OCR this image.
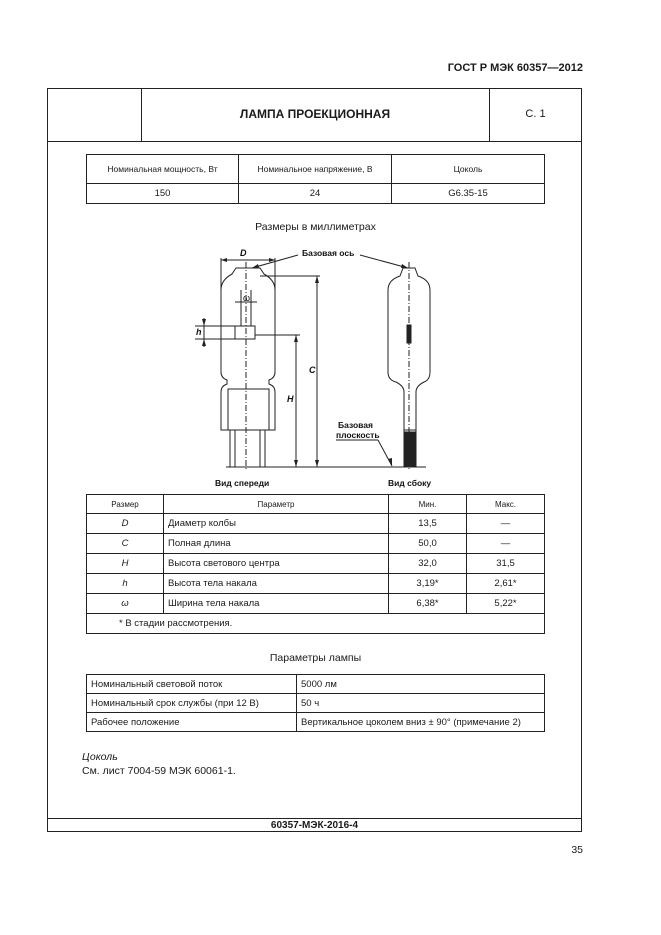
ГОСТ Р МЭК 60357—2012
ЛАМПА ПРОЕКЦИОННАЯ	С. 1
Номинальная мощность, Вт	Номинальное напряжение, В	Цоколь
150	24	G6.35-15
Размеры в миллиметрах
D	Базовая ось
ω
h
C
H
Базовая
плоскость
Вид спереди	Вид сбоку
Размер	Параметр	Мин.	Макс.
D	Диаметр колбы	13,5	—
C	Полная длина	50,0	—
H	Высота светового центра	32,0	31,5
h	Высота тела накала	3,19*	2,61*
ω	Ширина тела накала	6,38*	5,22*
* В стадии рассмотрения.			
Параметры лампы
Номинальный световой поток	5000 лм
Номинальный срок службы (при 12 В)	50 ч
Рабочее положение	Вертикальное цоколем вниз ± 90° (примечание 2)
Цоколь
См. лист 7004-59 МЭК 60061-1.
60357-МЭК-2016-4
35
